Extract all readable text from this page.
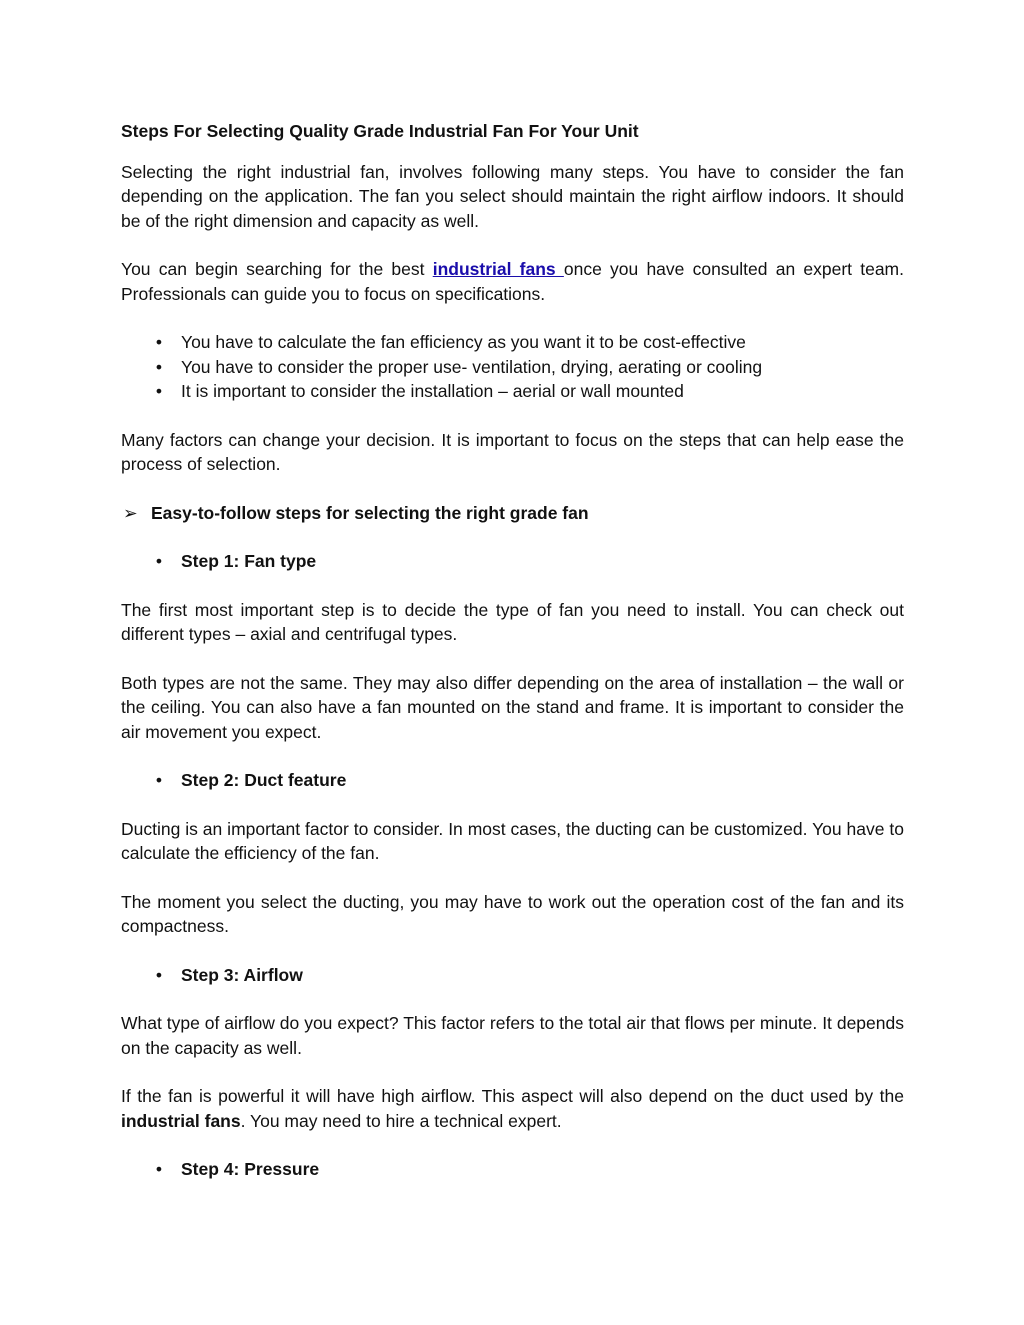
Steps For Selecting Quality Grade Industrial Fan For Your Unit
Selecting the right industrial fan, involves following many steps. You have to consider the fan depending on the application. The fan you select should maintain the right airflow indoors. It should be of the right dimension and capacity as well.
You can begin searching for the best industrial fans once you have consulted an expert team. Professionals can guide you to focus on specifications.
• You have to calculate the fan efficiency as you want it to be cost-effective
• You have to consider the proper use- ventilation, drying, aerating or cooling
• It is important to consider the installation – aerial or wall mounted
Many factors can change your decision. It is important to focus on the steps that can help ease the process of selection.
➢ Easy-to-follow steps for selecting the right grade fan
• Step 1: Fan type
The first most important step is to decide the type of fan you need to install. You can check out different types – axial and centrifugal types.
Both types are not the same. They may also differ depending on the area of installation – the wall or the ceiling. You can also have a fan mounted on the stand and frame. It is important to consider the air movement you expect.
• Step 2: Duct feature
Ducting is an important factor to consider. In most cases, the ducting can be customized. You have to calculate the efficiency of the fan.
The moment you select the ducting, you may have to work out the operation cost of the fan and its compactness.
• Step 3: Airflow
What type of airflow do you expect? This factor refers to the total air that flows per minute. It depends on the capacity as well.
If the fan is powerful it will have high airflow. This aspect will also depend on the duct used by the industrial fans. You may need to hire a technical expert.
• Step 4: Pressure
